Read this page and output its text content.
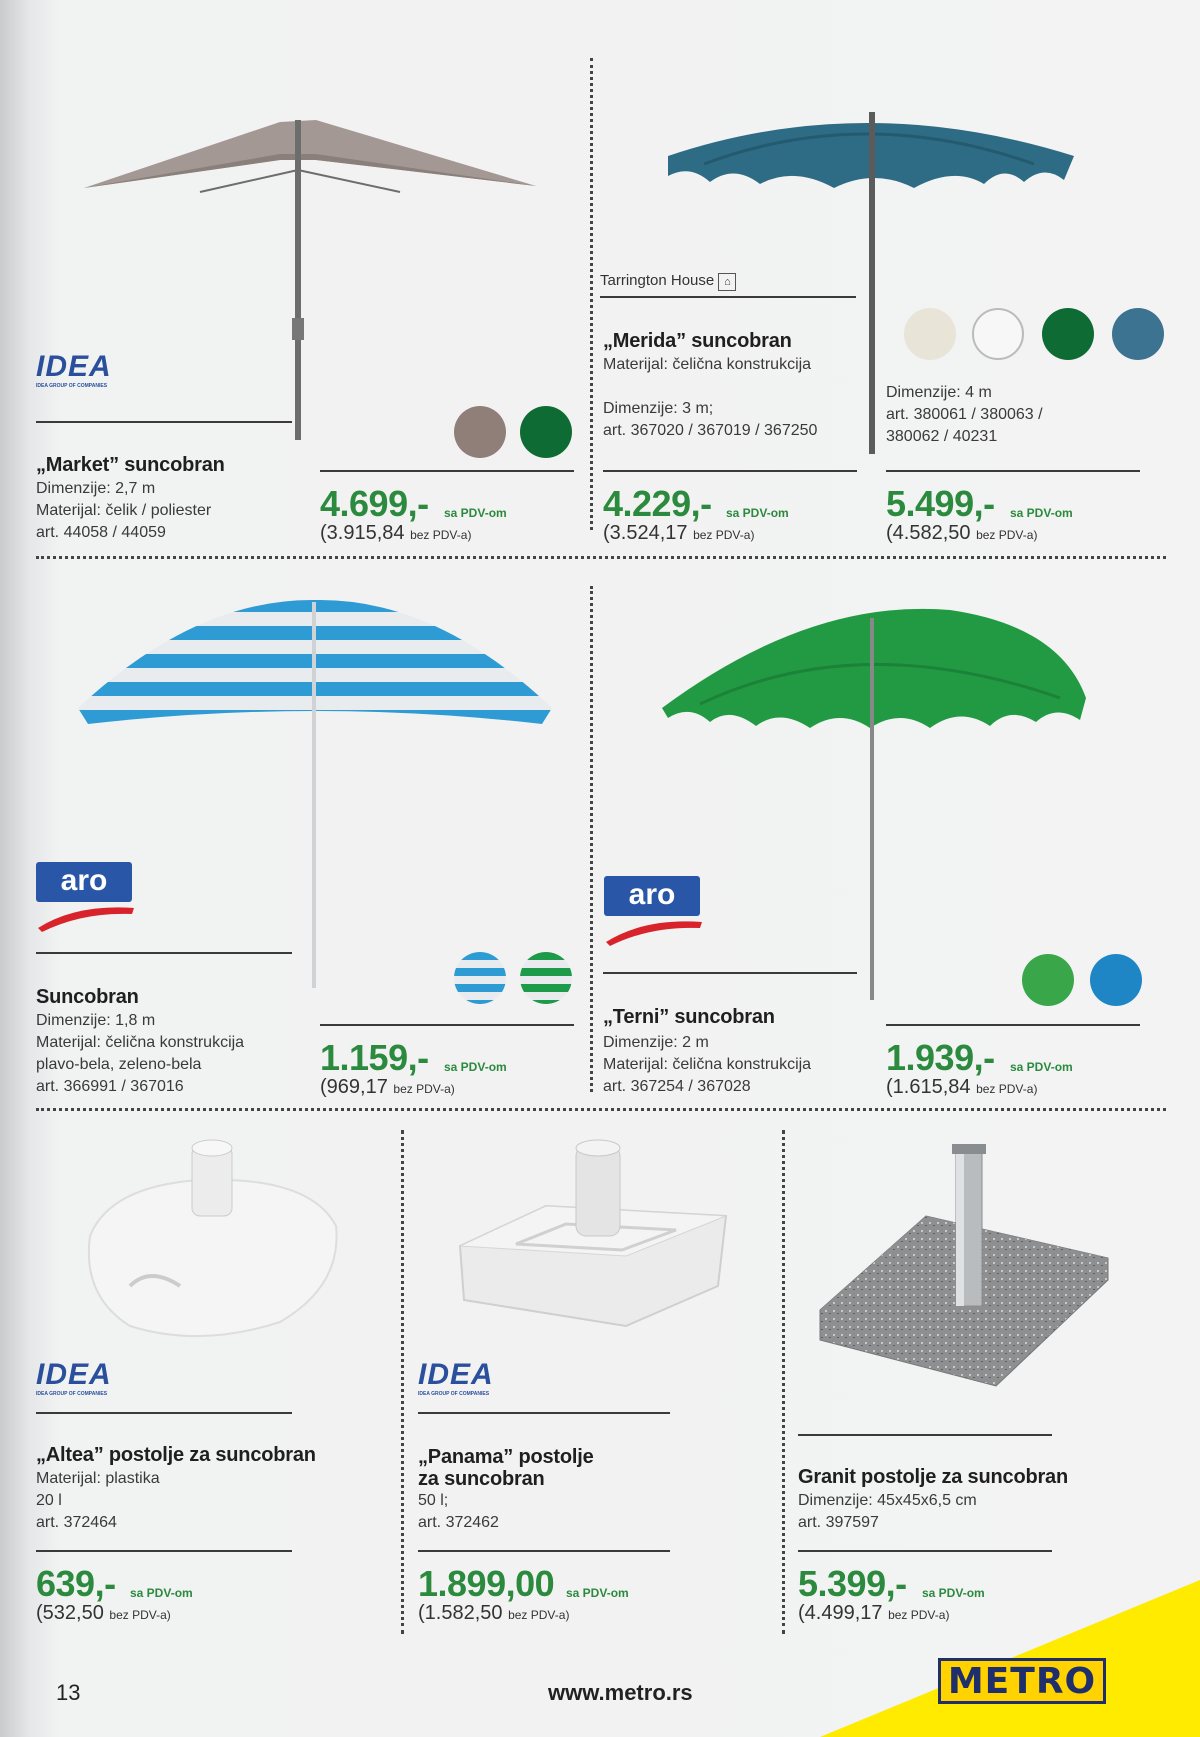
IDEA
IDEA GROUP OF COMPANIES
„Market” suncobran
Dimenzije: 2,7 m
Materijal: čelik / poliester
art. 44058 / 44059
4.699,- sa PDV-om
(3.915,84 bez PDV-a)
Tarrington House ⌂
„Merida” suncobran
Materijal: čelična konstrukcija
Dimenzije: 3 m;
art. 367020 / 367019 / 367250
4.229,- sa PDV-om
(3.524,17 bez PDV-a)
Dimenzije: 4 m
art. 380061 / 380063 /
380062 / 40231
5.499,- sa PDV-om
(4.582,50 bez PDV-a)
aro
Suncobran
Dimenzije: 1,8 m
Materijal: čelična konstrukcija
plavo-bela, zeleno-bela
art. 366991 / 367016
1.159,- sa PDV-om
(969,17 bez PDV-a)
aro
„Terni” suncobran
Dimenzije: 2 m
Materijal: čelična konstrukcija
art. 367254 / 367028
1.939,- sa PDV-om
(1.615,84 bez PDV-a)
IDEA
IDEA GROUP OF COMPANIES
„Altea” postolje za suncobran
Materijal: plastika
20 l
art. 372464
639,- sa PDV-om
(532,50 bez PDV-a)
IDEA
IDEA GROUP OF COMPANIES
„Panama” postolje
za suncobran
50 l;
art. 372462
1.899,00 sa PDV-om
(1.582,50 bez PDV-a)
Granit postolje za suncobran
Dimenzije: 45x45x6,5 cm
art. 397597
5.399,- sa PDV-om
(4.499,17 bez PDV-a)
13	www.metro.rs	METRO
